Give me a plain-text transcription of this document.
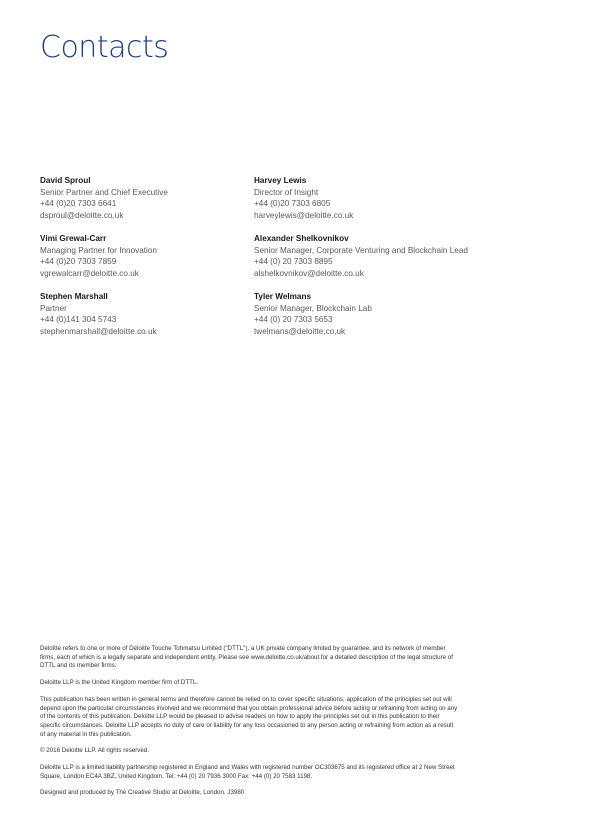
Contacts
David Sproul
Senior Partner and Chief Executive
+44 (0)20 7303 6641
dsproul@deloitte.co.uk
Harvey Lewis
Director of Insight
+44 (0)20 7303 6805
harveylewis@deloitte.co.uk
Vimi Grewal-Carr
Managing Partner for Innovation
+44 (0)20 7303 7859
vgrewalcarr@deloitte.co.uk
Alexander Shelkovnikov
Senior Manager, Corporate Venturing and Blockchain Lead
+44 (0) 20 7303 8895
alshelkovnikov@deloitte.co.uk
Stephen Marshall
Partner
+44 (0)141 304 5743
stephenmarshall@deloitte.co.uk
Tyler Welmans
Senior Manager, Blockchain Lab
+44 (0) 20 7303 5653
twelmans@deloitte,co,uk

Deloitte refers to one or more of Deloitte Touche Tohmatsu Limited ("DTTL"), a UK private company limited by guarantee, and its network of member firms, each of which is a legally separate and independent entity. Please see www.deloitte.co.uk/about for a detailed description of the legal structure of DTTL and its member firms.

Deloitte LLP is the United Kingdom member firm of DTTL.

This publication has been written in general terms and therefore cannot be relied on to cover specific situations; application of the principles set out will depend upon the particular circumstances involved and we recommend that you obtain professional advice before acting or refraining from acting on any of the contents of this publication. Deloitte LLP would be pleased to advise readers on how to apply the principles set out in this publication to their specific circumstances. Deloitte LLP accepts no duty of care or liability for any loss occasioned to any person acting or refraining from action as a result of any material in this publication.

© 2016 Deloitte LLP. All rights reserved.

Deloitte LLP is a limited liability partnership registered in England and Wales with registered number OC303675 and its registered office at 2 New Street Square, London EC4A 3BZ, United Kingdom. Tel: +44 (0) 20 7936 3000 Fax: +44 (0) 20 7583 1198.

Designed and produced by The Creative Studio at Deloitte, London. J3980
